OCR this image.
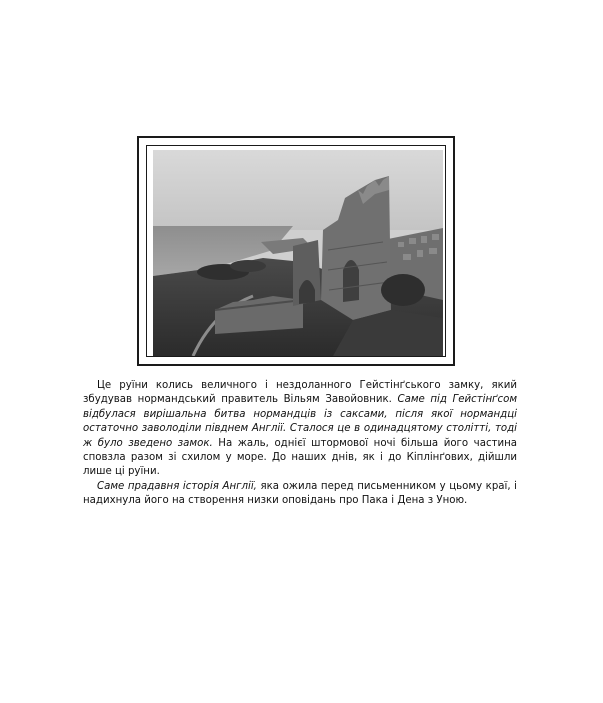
Це руїни колись величного і нездоланного Гейстінґського замку, який збудував нормандський правитель Вільям Завойовник. Саме під Гейстінґсом відбулася вирішальна битва нормандців із саксами, після якої нормандці остаточно заволоділи півднем Англії. Сталося це в одинадцятому столітті, тоді ж було зведено замок. На жаль, однієї штормової ночі більша його частина сповзла разом зі схилом у море. До наших днів, як і до Кіплінґових, дійшли лише ці руїни.

Саме прадавня історія Англії, яка ожила перед письменником у цьому краї, і надихнула його на створення низки оповідань про Пака і Дена з Уною.
